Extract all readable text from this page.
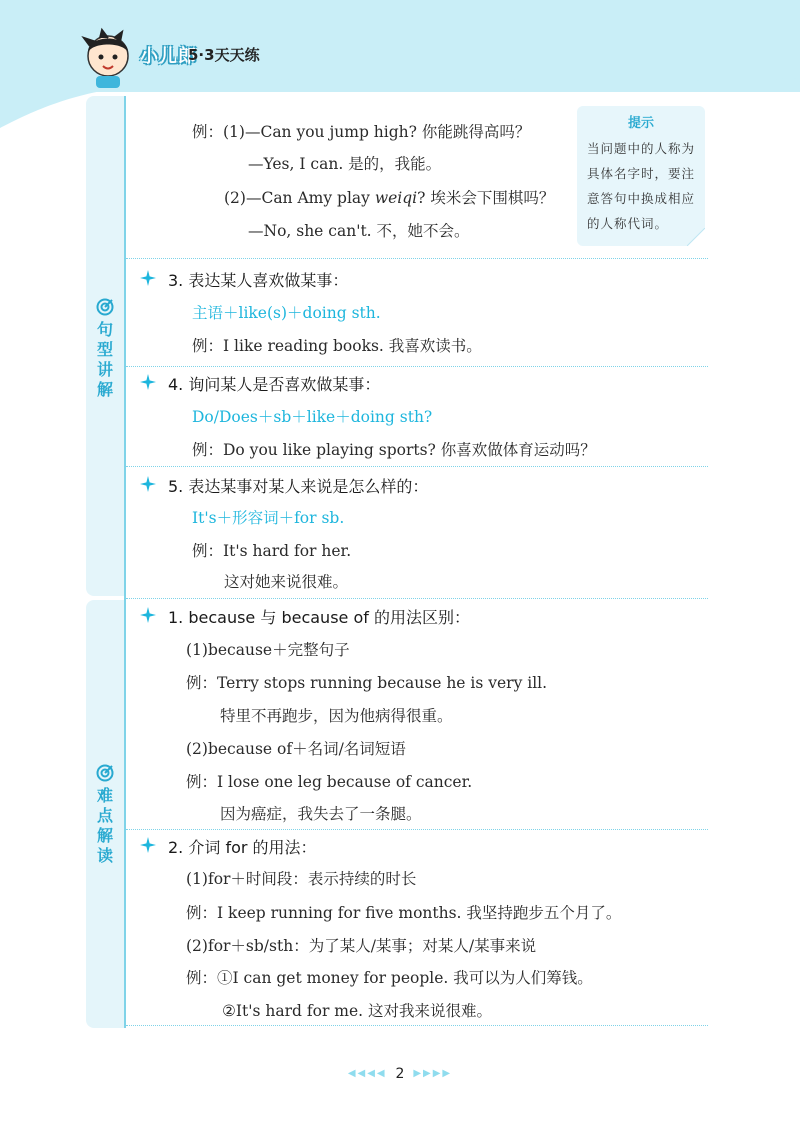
小儿郎
5·3天天练
句型讲解
难点解读
提示
当问题中的人称为
具体名字时，要注
意答句中换成相应
的人称代词。
例：(1)—Can you jump high? 你能跳得高吗？
—Yes, I can. 是的，我能。
(2)—Can Amy play weiqi? 埃米会下围棋吗？
—No, she can't. 不，她不会。
3. 表达某人喜欢做某事：
主语＋like(s)＋doing sth.
例：I like reading books. 我喜欢读书。
4. 询问某人是否喜欢做某事：
Do/Does＋sb＋like＋doing sth?
例：Do you like playing sports? 你喜欢做体育运动吗？
5. 表达某事对某人来说是怎么样的：
It's＋形容词＋for sb.
例：It's hard for her.
这对她来说很难。
1. because 与 because of 的用法区别：
(1)because＋完整句子
例：Terry stops running because he is very ill.
特里不再跑步，因为他病得很重。
(2)because of＋名词/名词短语
例：I lose one leg because of cancer.
因为癌症，我失去了一条腿。
2. 介词 for 的用法：
(1)for＋时间段：表示持续的时长
例：I keep running for five months. 我坚持跑步五个月了。
(2)for＋sb/sth：为了某人/某事；对某人/某事来说
例：①I can get money for people. 我可以为人们筹钱。
②It's hard for me. 这对我来说很难。
◀◀◀◀ 2 ▶▶▶▶
